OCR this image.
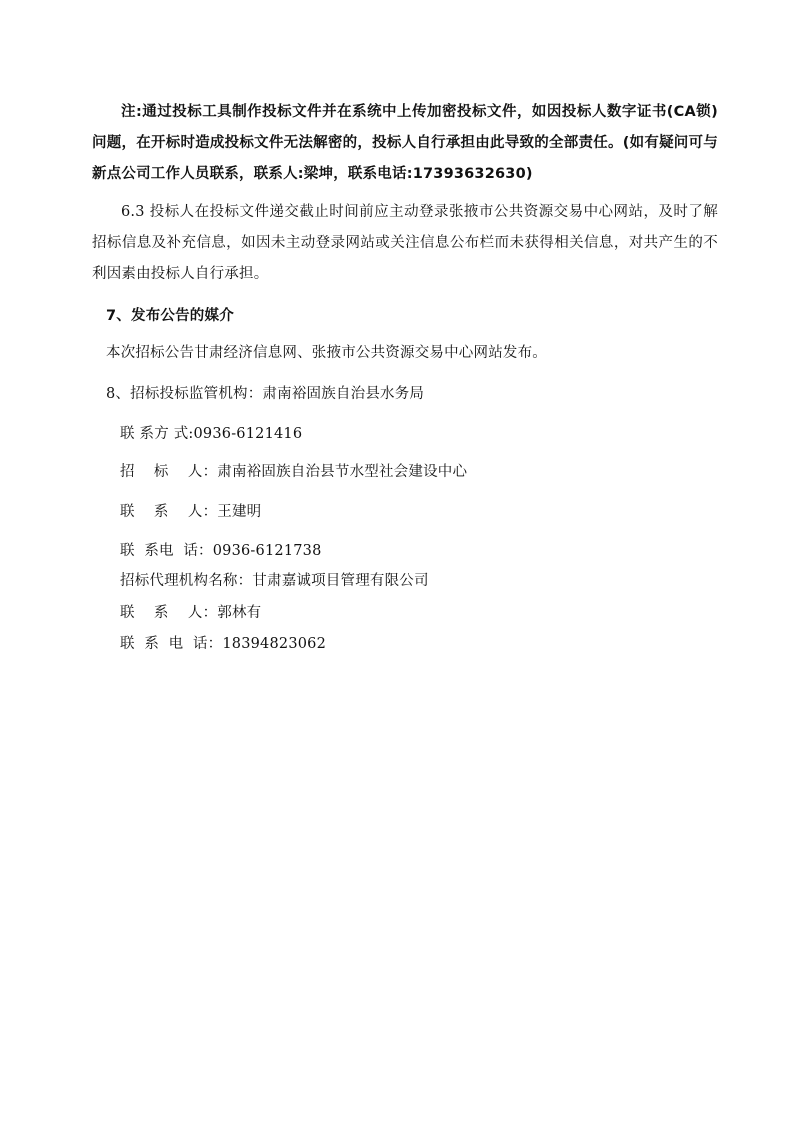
注:通过投标工具制作投标文件并在系统中上传加密投标文件，如因投标人数字证书(CA锁)问题，在开标时造成投标文件无法解密的，投标人自行承担由此导致的全部责任。(如有疑问可与新点公司工作人员联系，联系人:梁坤，联系电话:17393632630)

6.3 投标人在投标文件递交截止时间前应主动登录张掖市公共资源交易中心网站，及时了解招标信息及补充信息，如因未主动登录网站或关注信息公布栏而未获得相关信息，对共产生的不利因素由投标人自行承担。

7、发布公告的媒介

本次招标公告甘肃经济信息网、张掖市公共资源交易中心网站发布。

8、招标投标监管机构：肃南裕固族自治县水务局

联 系方 式:0936-6121416

招    标    人：肃南裕固族自治县节水型社会建设中心

联    系    人：王建明

联  系电  话：0936-6121738

招标代理机构名称：甘肃嘉诚项目管理有限公司

联    系    人：郭林有

联  系  电  话：18394823062
